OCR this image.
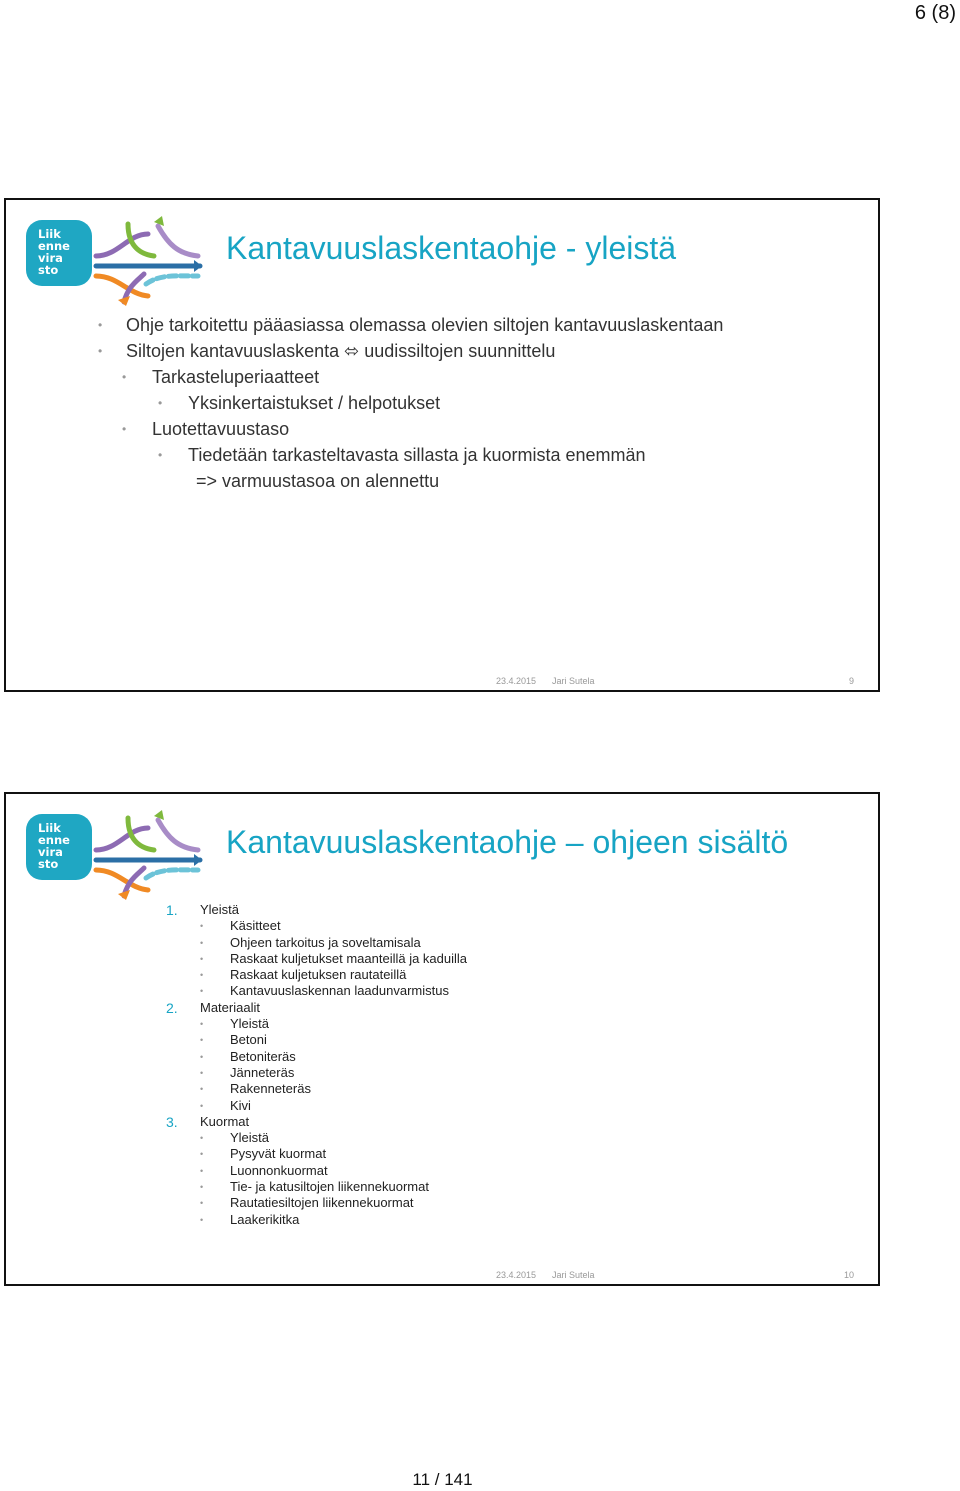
6 (8)
Liik
enne
vira
sto
Kantavuuslaskentaohje - yleistä
• Ohje tarkoitettu pääasiassa olemassa olevien siltojen kantavuuslaskentaan
• Siltojen kantavuuslaskenta ⬄ uudissiltojen suunnittelu
• Tarkasteluperiaatteet
• Yksinkertaistukset / helpotukset
• Luotettavuustaso
• Tiedetään tarkasteltavasta sillasta ja kuormista enemmän
=> varmuustasoa on alennettu
23.4.2015 Jari Sutela	9
Liik
enne
vira
sto
Kantavuuslaskentaohje – ohjeen sisältö
1. Yleistä
• Käsitteet
• Ohjeen tarkoitus ja soveltamisala
• Raskaat kuljetukset maanteillä ja kaduilla
• Raskaat kuljetuksen rautateillä
• Kantavuuslaskennan laadunvarmistus
2. Materiaalit
• Yleistä
• Betoni
• Betoniteräs
• Jänneteräs
• Rakenneteräs
• Kivi
3. Kuormat
• Yleistä
• Pysyvät kuormat
• Luonnonkuormat
• Tie- ja katusiltojen liikennekuormat
• Rautatiesiltojen liikennekuormat
• Laakerikitka
23.4.2015 Jari Sutela	10
11 / 141
